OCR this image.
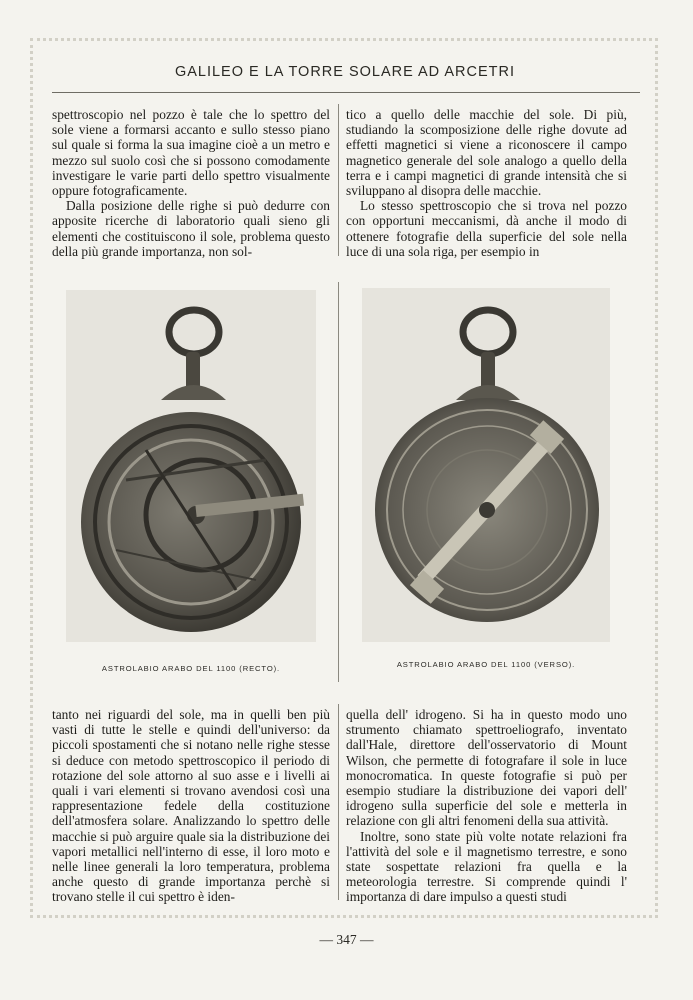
GALILEO E LA TORRE SOLARE AD ARCETRI

spettroscopio nel pozzo è tale che lo spettro del sole viene a formarsi accanto e sullo stesso piano sul quale si forma la sua imagine cioè a un metro e mezzo sul suolo così che si possono comodamente investigare le varie parti dello spettro visualmente oppure fotograficamente.

Dalla posizione delle righe si può dedurre con apposite ricerche di laboratorio quali sieno gli elementi che costituiscono il sole, problema questo della più grande importanza, non sol-

tico a quello delle macchie del sole. Di più, studiando la scomposizione delle righe dovute ad effetti magnetici si viene a riconoscere il campo magnetico generale del sole analogo a quello della terra e i campi magnetici di grande intensità che si sviluppano al disopra delle macchie.

Lo stesso spettroscopio che si trova nel pozzo con opportuni meccanismi, dà anche il modo di ottenere fotografie della superficie del sole nella luce di una sola riga, per esempio in

ASTROLABIO ARABO DEL 1100 (RECTO).	ASTROLABIO ARABO DEL 1100 (VERSO).

tanto nei riguardi del sole, ma in quelli ben più vasti di tutte le stelle e quindi dell'universo: da piccoli spostamenti che si notano nelle righe stesse si deduce con metodo spettroscopico il periodo di rotazione del sole attorno al suo asse e i livelli ai quali i vari elementi si trovano avendosi così una rappresentazione fedele della costituzione dell'atmosfera solare. Analizzando lo spettro delle macchie si può arguire quale sia la distribuzione dei vapori metallici nell'interno di esse, il loro moto e nelle linee generali la loro temperatura, problema anche questo di grande importanza perchè si trovano stelle il cui spettro è iden-

quella dell' idrogeno. Si ha in questo modo uno strumento chiamato spettroeliografo, inventato dall'Hale, direttore dell'osservatorio di Mount Wilson, che permette di fotografare il sole in luce monocromatica. In queste fotografie si può per esempio studiare la distribuzione dei vapori dell' idrogeno sulla superficie del sole e metterla in relazione con gli altri fenomeni della sua attività.

Inoltre, sono state più volte notate relazioni fra l'attività del sole e il magnetismo terrestre, e sono state sospettate relazioni fra quella e la meteorologia terrestre. Si comprende quindi l' importanza di dare impulso a questi studi

— 347 —
